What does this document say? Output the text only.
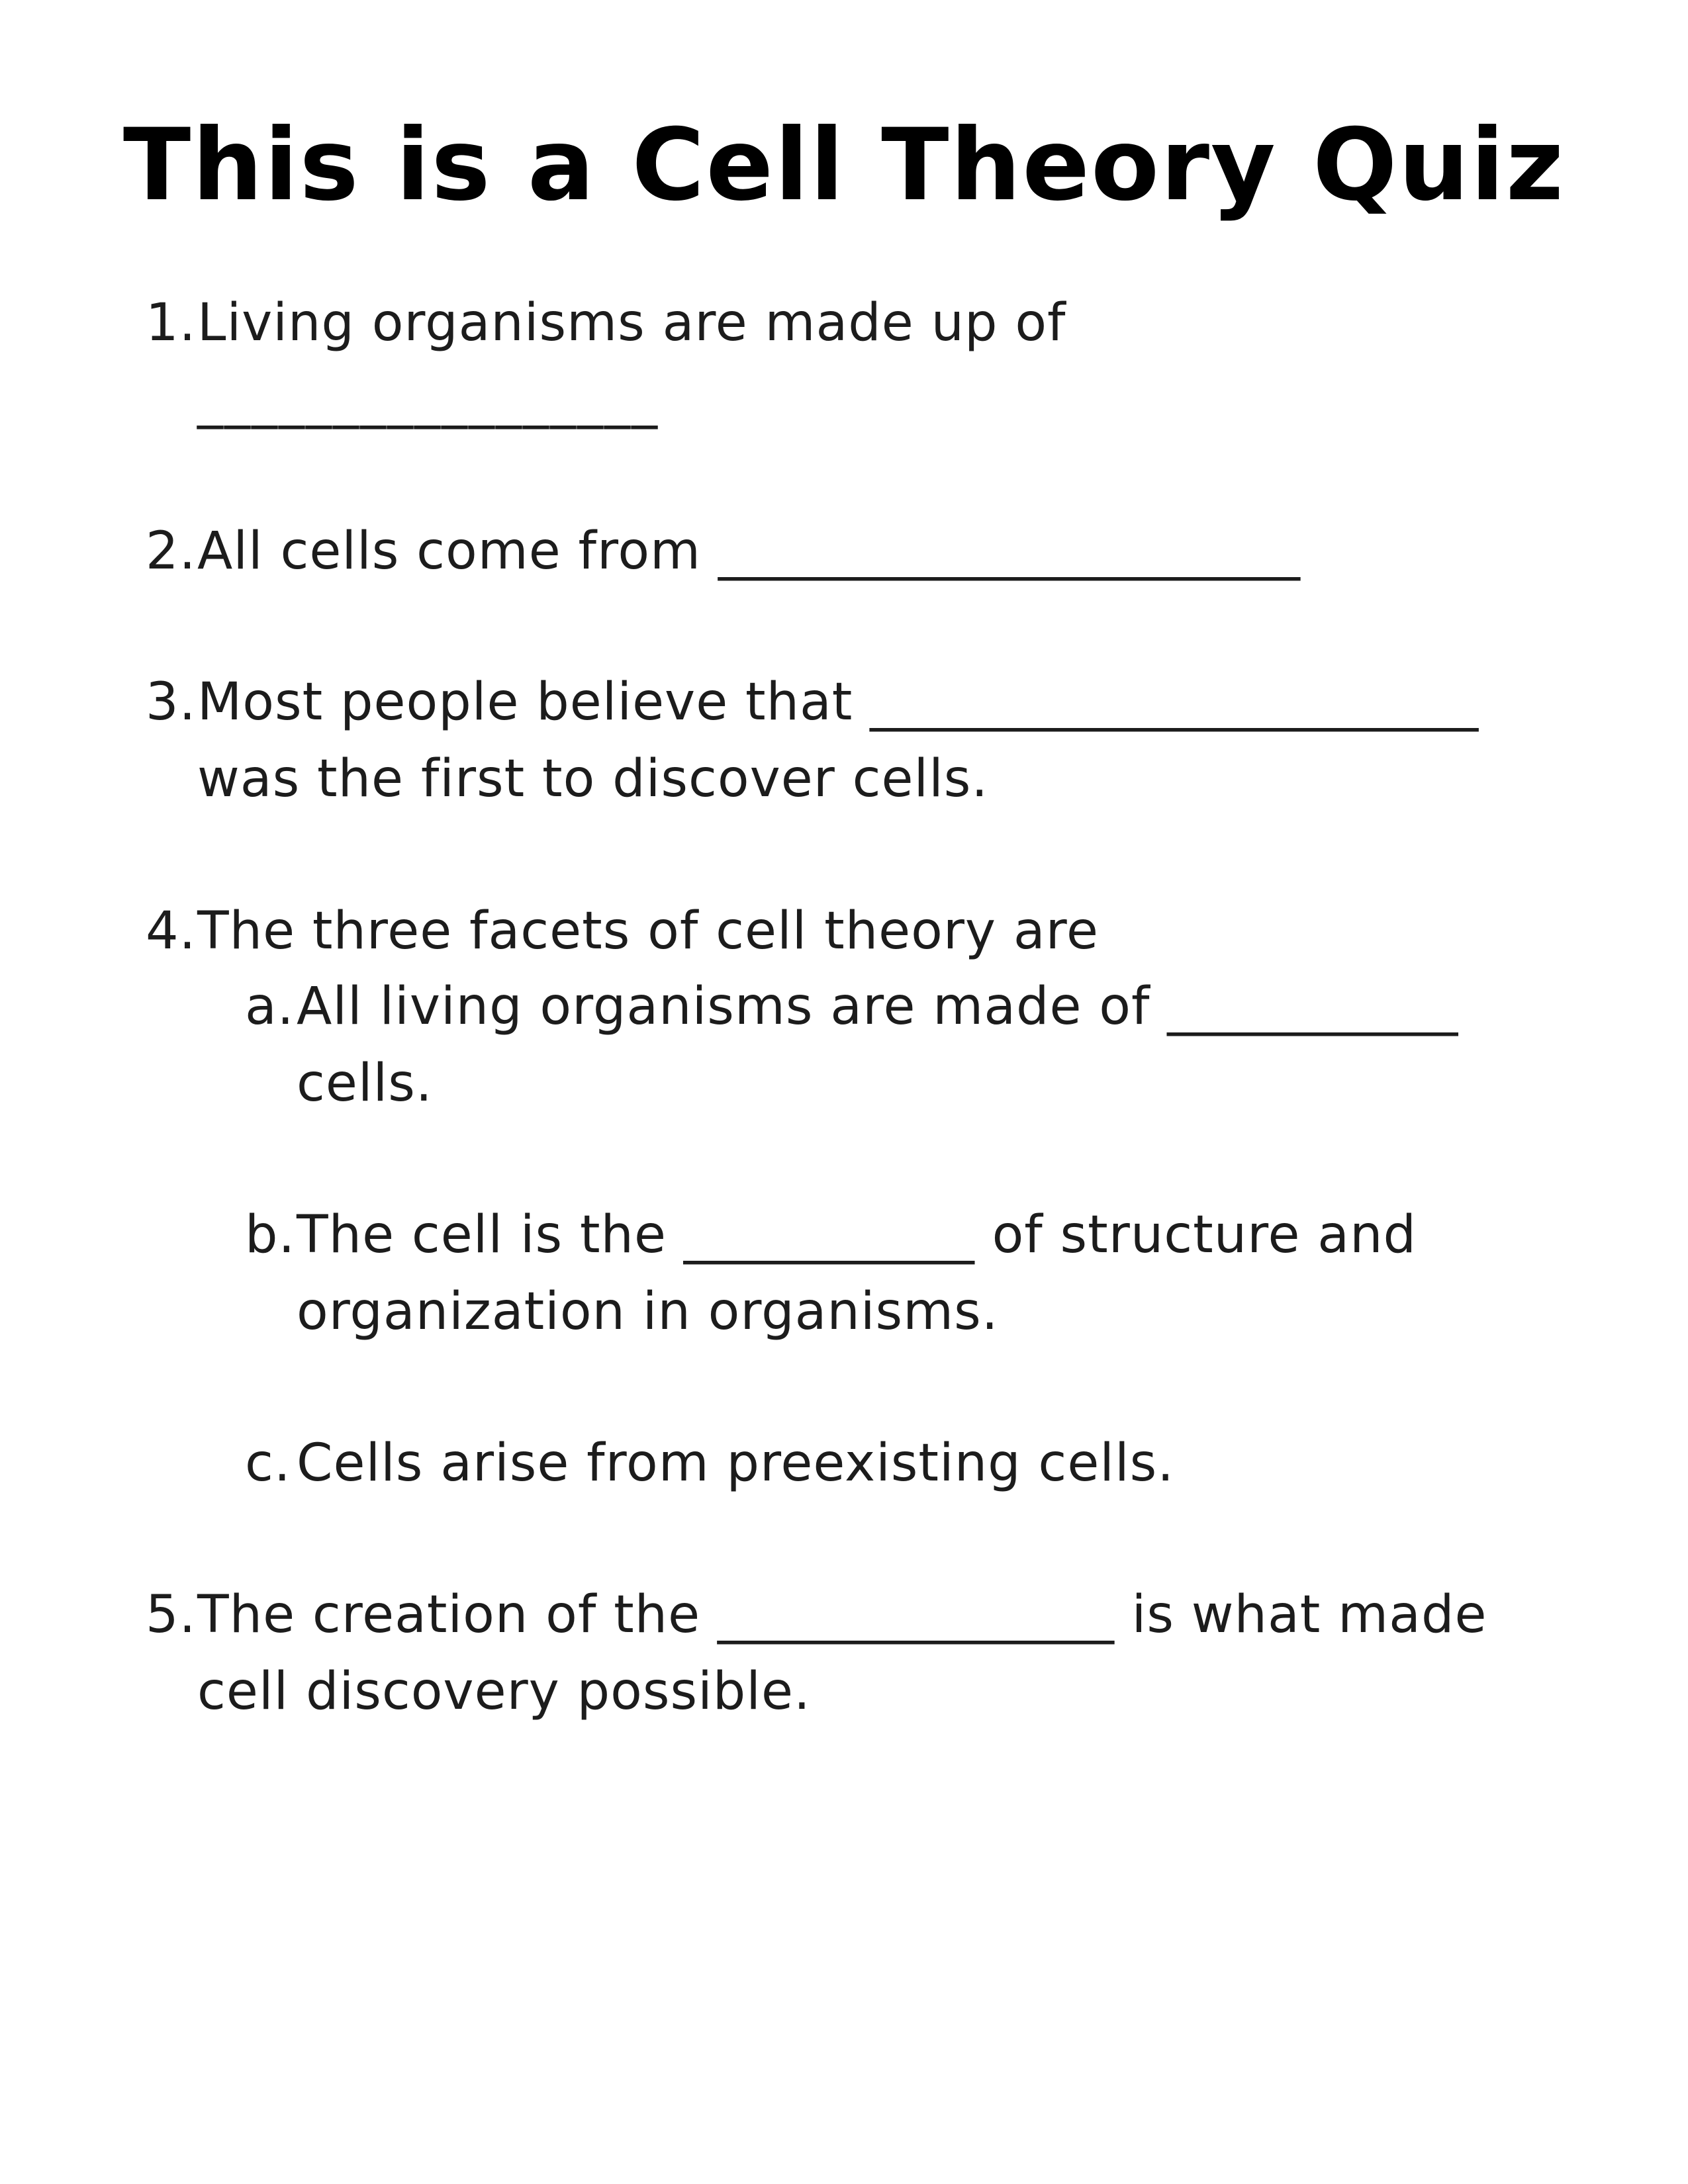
This is a Cell Theory Quiz
1. Living organisms are made up of
_________________
2. All cells come from ______________________
3. Most people believe that _______________________
was the first to discover cells.
4. The three facets of cell theory are
a. All living organisms are made of ___________
cells.
b. The cell is the ___________ of structure and
organization in organisms.
c. Cells arise from preexisting cells.
5. The creation of the _______________ is what made
cell discovery possible.
